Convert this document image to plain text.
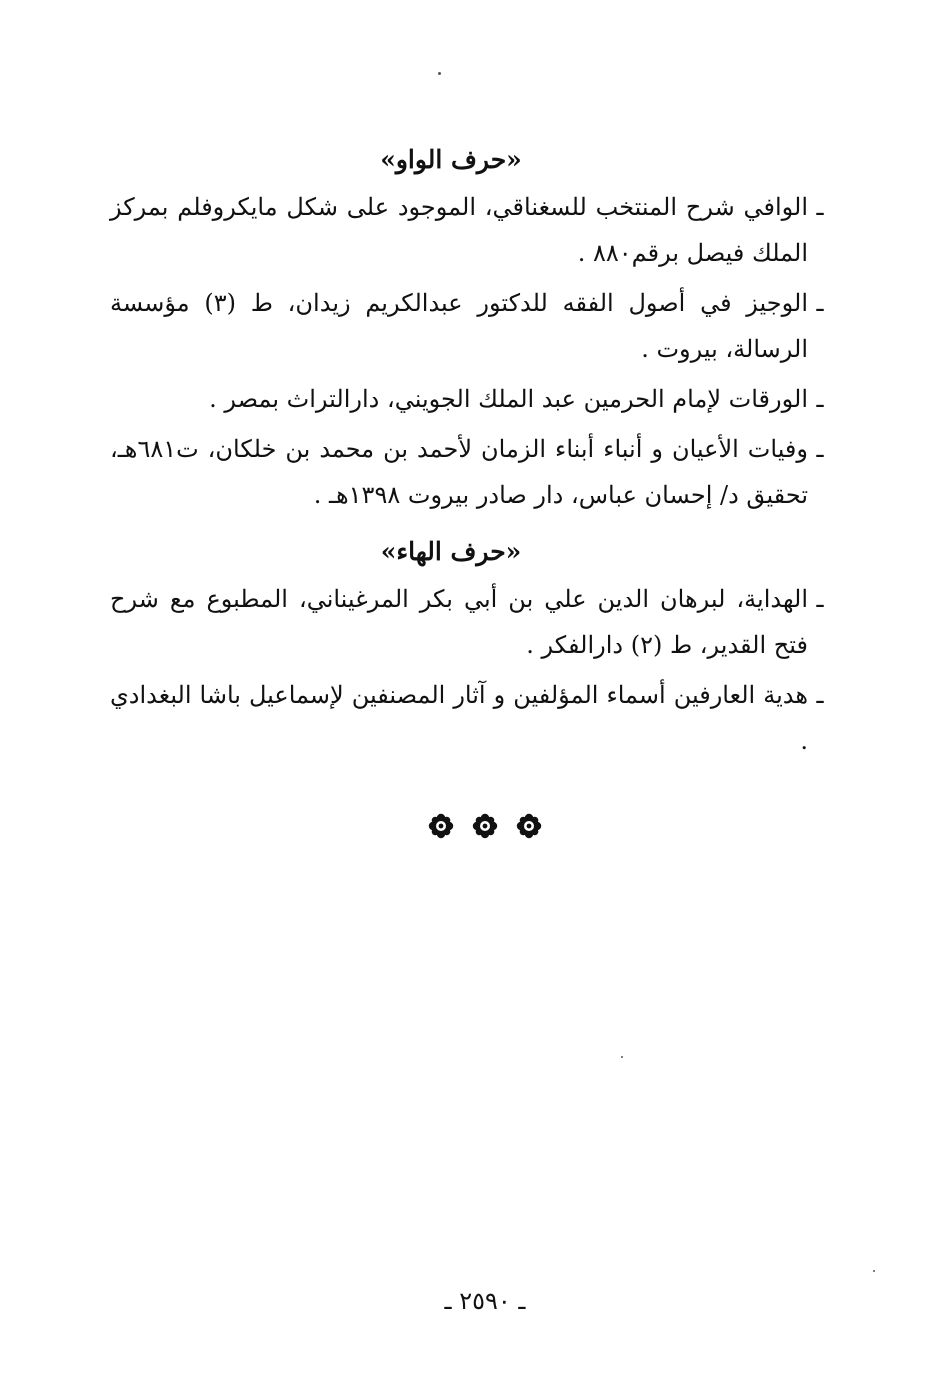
«حرف الواو»
ـ
الوافي شرح المنتخب للسغناقي، الموجود على شكل مايكروفلم بمركز الملك فيصل برقم٨٨٠ .
ـ
الوجيز في أصول الفقه للدكتور عبدالكريم زيدان، ط (٣) مؤسسة الرسالة، بيروت .
ـ
الورقات لإمام الحرمين عبد الملك الجويني، دارالتراث بمصر .
ـ
وفيات الأعيان و أنباء أبناء الزمان لأحمد بن محمد بن خلكان، ت٦٨١هـ، تحقيق د/ إحسان عباس، دار صادر بيروت ١٣٩٨هـ .
«حرف الهاء»
ـ
الهداية، لبرهان الدين علي بن أبي بكر المرغيناني، المطبوع مع شرح فتح القدير، ط (٢) دارالفكر .
ـ
هدية العارفين أسماء المؤلفين و آثار المصنفين لإسماعيل باشا البغدادي .
ـ ٢٥٩٠ ـ
